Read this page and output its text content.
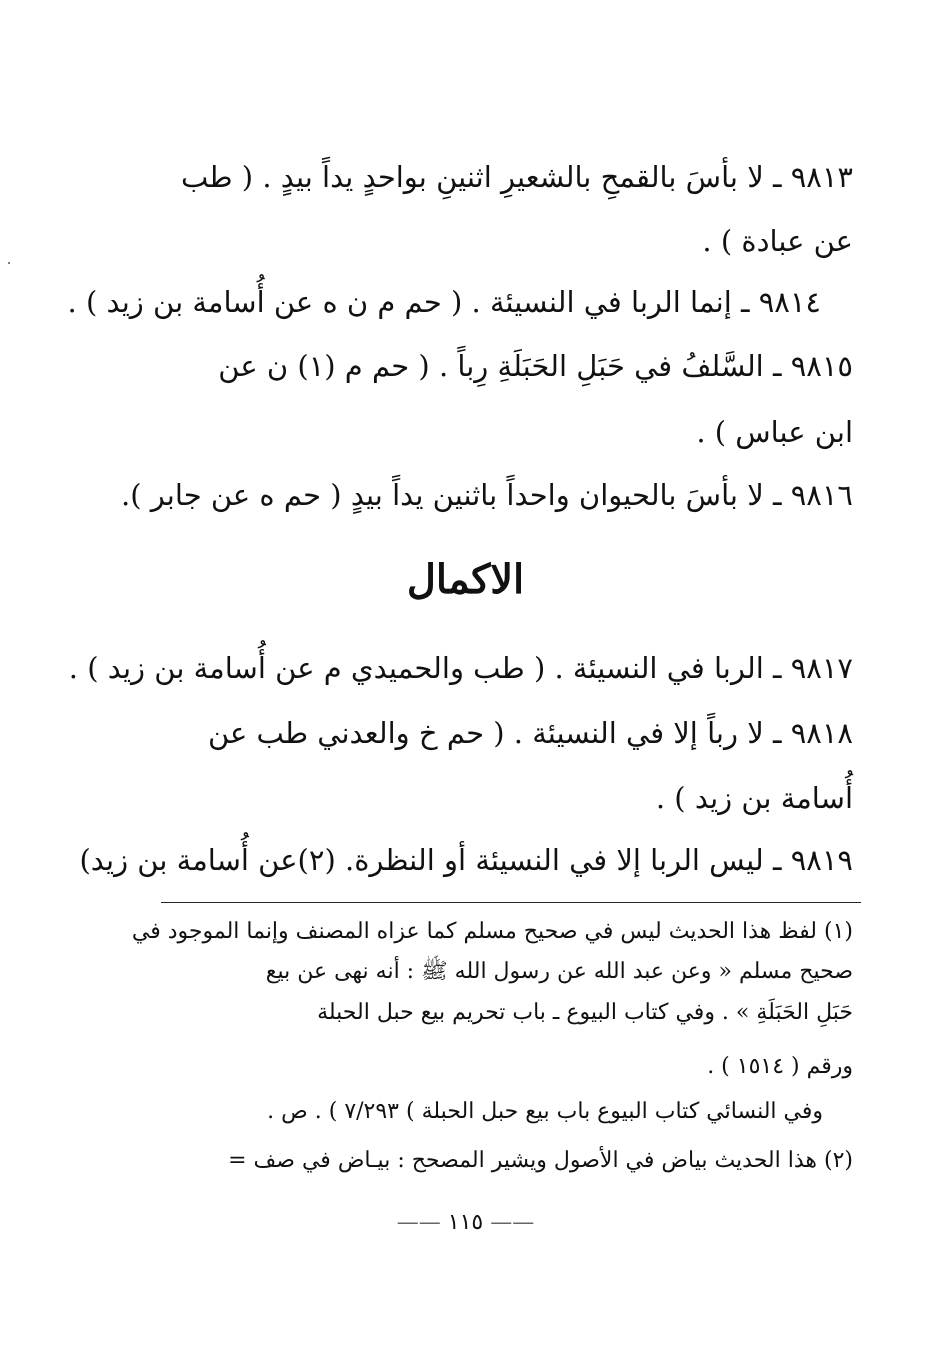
٩٨١٣ ـ لا بأسَ بالقمحِ بالشعيرِ اثنينِ بواحدٍ يداً بيدٍ . ( طب
عن عبادة ) .
٩٨١٤ ـ إنما الربا في النسيئة . ( حم م ن ه عن أُسامة بن زيد ) .
٩٨١٥ ـ السَّلفُ في حَبَلِ الحَبَلَةِ رِباً . ( حم م (١) ن عن
ابن عباس ) .
٩٨١٦ ـ لا بأسَ بالحيوان واحداً باثنين يداً بيدٍ ( حم ه عن جابر ).
الاكمال
٩٨١٧ ـ الربا في النسيئة . ( طب والحميدي م عن أُسامة بن زيد ) .
٩٨١٨ ـ لا رباً إلا في النسيئة . ( حم خ والعدني طب عن
أُسامة بن زيد ) .
٩٨١٩ ـ ليس الربا إلا في النسيئة أو النظرة. (٢)عن أُسامة بن زيد)
(١) لفظ هذا الحديث ليس في صحيح مسلم كما عزاه المصنف وإنما الموجود في
صحيح مسلم « وعن عبد الله عن رسول الله ﷺ : أنه نهى عن بيع
حَبَلِ الحَبَلَةِ » . وفي كتاب البيوع ـ باب تحريم بيع حبل الحبلة
ورقم ( ١٥١٤ ) .
وفي النسائي كتاب البيوع باب بيع حبل الحبلة ) ٧/٢٩٣ ) . ص .
(٢) هذا الحديث بياض في الأصول ويشير المصحح : بيـاض في صف =
—— ١١٥ ——
